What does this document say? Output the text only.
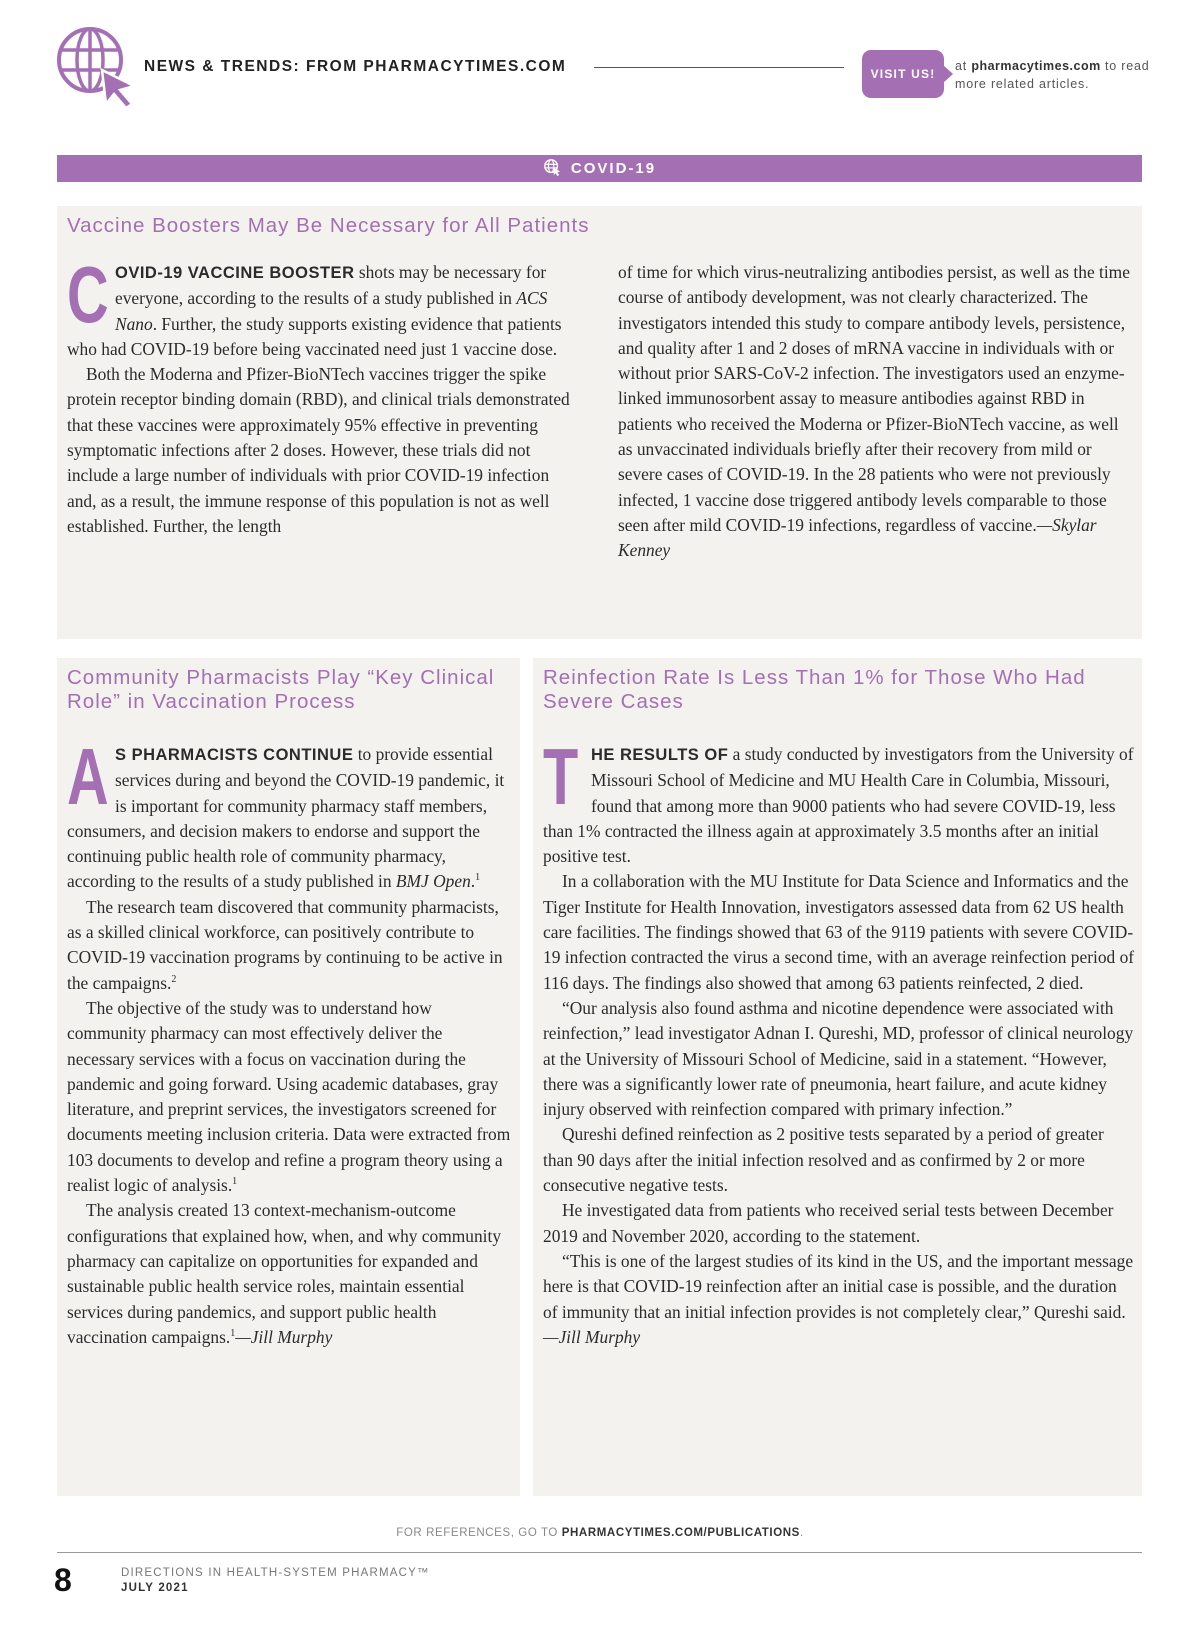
NEWS & TRENDS: FROM PHARMACYTIMES.COM	VISIT US!
at pharmacytimes.com to read more related articles.
COVID-19
Vaccine Boosters May Be Necessary for All Patients

COVID-19 VACCINE BOOSTER shots may be necessary for everyone, according to the results of a study published in ACS Nano. Further, the study supports existing evidence that patients who had COVID-19 before being vaccinated need just 1 vaccine dose.

Both the Moderna and Pfizer-BioNTech vaccines trigger the spike protein receptor binding domain (RBD), and clinical trials demonstrated that these vaccines were approximately 95% effective in preventing symptomatic infections after 2 doses. However, these trials did not include a large number of individuals with prior COVID-19 infection and, as a result, the immune response of this population is not as well established. Further, the length

of time for which virus-neutralizing antibodies persist, as well as the time course of antibody development, was not clearly characterized. The investigators intended this study to compare antibody levels, persistence, and quality after 1 and 2 doses of mRNA vaccine in individuals with or without prior SARS-CoV-2 infection. The investigators used an enzyme-linked immunosorbent assay to measure antibodies against RBD in patients who received the Moderna or Pfizer-BioNTech vaccine, as well as unvaccinated individuals briefly after their recovery from mild or severe cases of COVID-19. In the 28 patients who were not previously infected, 1 vaccine dose triggered antibody levels comparable to those seen after mild COVID-19 infections, regardless of vaccine.—Skylar Kenney

Community Pharmacists Play “Key Clinical Role” in Vaccination Process

A S PHARMACISTS CONTINUE to provide essential services during and beyond the COVID-19 pandemic, it is important for community pharmacy staff members, consumers, and decision makers to endorse and support the continuing public health role of community pharmacy, according to the results of a study published in BMJ Open.$^1$

The research team discovered that community pharmacists, as a skilled clinical workforce, can positively contribute to COVID-19 vaccination programs by continuing to be active in the campaigns.$^2$

The objective of the study was to understand how community pharmacy can most effectively deliver the necessary services with a focus on vaccination during the pandemic and going forward. Using academic databases, gray literature, and preprint services, the investigators screened for documents meeting inclusion criteria. Data were extracted from 103 documents to develop and refine a program theory using a realist logic of analysis.$^1$

The analysis created 13 context-mechanism-outcome configurations that explained how, when, and why community pharmacy can capitalize on opportunities for expanded and sustainable public health service roles, maintain essential services during pandemics, and support public health vaccination campaigns.$^1$—Jill Murphy

Reinfection Rate Is Less Than 1% for Those Who Had Severe Cases

THE RESULTS OF a study conducted by investigators from the University of Missouri School of Medicine and MU Health Care in Columbia, Missouri, found that among more than 9000 patients who had severe COVID-19, less than 1% contracted the illness again at approximately 3.5 months after an initial positive test.

In a collaboration with the MU Institute for Data Science and Informatics and the Tiger Institute for Health Innovation, investigators assessed data from 62 US health care facilities. The findings showed that 63 of the 9119 patients with severe COVID-19 infection contracted the virus a second time, with an average reinfection period of 116 days. The findings also showed that among 63 patients reinfected, 2 died.

“Our analysis also found asthma and nicotine dependence were associated with reinfection,” lead investigator Adnan I. Qureshi, MD, professor of clinical neurology at the University of Missouri School of Medicine, said in a statement. “However, there was a significantly lower rate of pneumonia, heart failure, and acute kidney injury observed with reinfection compared with primary infection.”

Qureshi defined reinfection as 2 positive tests separated by a period of greater than 90 days after the initial infection resolved and as confirmed by 2 or more consecutive negative tests.

He investigated data from patients who received serial tests between December 2019 and November 2020, according to the statement.

“This is one of the largest studies of its kind in the US, and the important message here is that COVID-19 reinfection after an initial case is possible, and the duration of immunity that an initial infection provides is not completely clear,” Qureshi said.

—Jill Murphy

FOR REFERENCES, GO TO PHARMACYTIMES.COM/PUBLICATIONS.
8	DIRECTIONS IN HEALTH-SYSTEM PHARMACY™
JULY 2021
